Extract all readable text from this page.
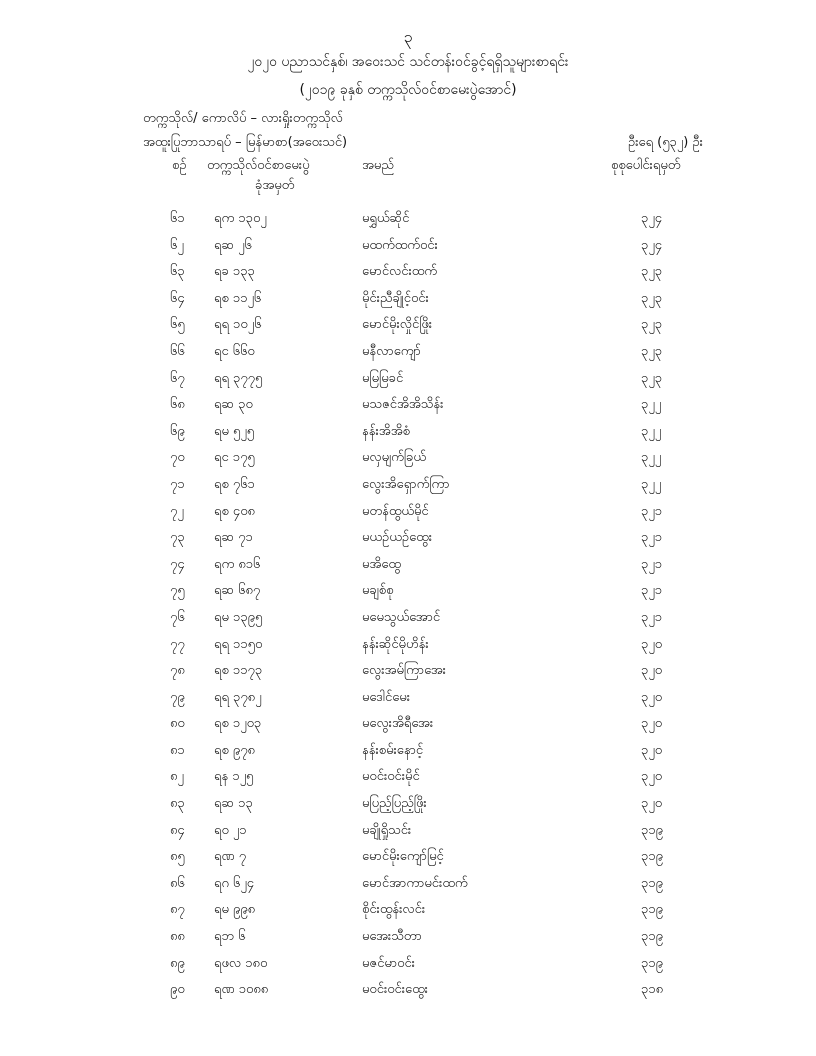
၃
၂၀၂၀ ပညာသင်နှစ်၊ အဝေးသင် သင်တန်းဝင်ခွင့်ရရှိသူများစာရင်း
(၂၀၁၉ ခုနှစ် တက္ကသိုလ်ဝင်စာမေးပွဲအောင်)
တက္ကသိုလ်/ ကောလိပ် – လားရှိုးတက္ကသိုလ်
အထူးပြုဘာသာရပ် – မြန်မာစာ(အဝေးသင်)	ဦးရေ (၅၃၂) ဦး
စဉ် တက္ကသိုလ်ဝင်စာမေးပွဲ
ခုံအမှတ်
အမည်	စုစုပေါင်းရမှတ်
၆၁ ရက ၁၃၀၂	မရွှယ်ဆိုင်	၃၂၄
၆၂ ရဆ ၂၆	မထက်ထက်ဝင်း	၃၂၄
၆၃ ရခ ၁၃၃	မောင်လင်းထက်	၃၂၃
၆၄ ရစ ၁၁၂၆	မိုင်းညီချိုင့်ဝင်း	၃၂၃
၆၅ ရရ ၁၀၂၆	မောင်မိုးလှိုင်ဖြိုး	၃၂၃
၆၆ ရင ၆၆၀	မနီလာကျော်	၃၂၃
၆၇ ရရ ၃၇၇၅	မမြမြခင်	၃၂၃
၆၈ ရဆ ၃၀	မသဇင်အိအိသိန်း	၃၂၂
၆၉ ရမ ၅၂၅	နန်းအိအိစံ	၃၂၂
၇၀ ရင ၁၇၅	မလှမျက်ခြယ်	၃၂၂
၇၁ ရစ ၇၆၁	လွေးအိရှောက်ကြာ	၃၂၂
၇၂ ရစ ၄၀၈	မတန်ထွယ်မိုင်	၃၂၁
၇၃ ရဆ ၇၁	မယဉ်ယဉ်ထွေး	၃၂၁
၇၄ ရက ၈၁၆	မအိထွေ	၃၂၁
၇၅ ရဆ ၆၈၇	မချစ်စု	၃၂၁
၇၆ ရမ ၁၃၉၅	မမေသွယ်အောင်	၃၂၁
၇၇ ရရ ၁၁၅၀	နန်းဆိုင်မိုဟိန်း	၃၂၀
၇၈ ရစ ၁၁၇၃	လွေးအမ်ကြာအေး	၃၂၀
၇၉ ရရ ၃၇၈၂	မဒေါင်မေး	၃၂၀
၈၀ ရစ ၁၂၀၃	မလွေးအိရီအေး	၃၂၀
၈၁ ရစ ၉၇၈	နန်းစမ်းနောင့်	၃၂၀
၈၂ ရန ၁၂၅	မဝင်းဝင်းမိုင်	၃၂၀
၈၃ ရဆ ၁၃	မပြည့်ပြည့်ဖြိုး	၃၂၀
၈၄ ရ၀ ၂၁	မချိုရှိုသင်း	၃၁၉
၈၅ ရဏ ၇	မောင်မိုးကျော်မြင့်	၃၁၉
၈၆ ရဂ ၆၂၄	မောင်အာကာမင်းထက်	၃၁၉
၈၇ ရမ ၉၉၈	စိုင်းထွန်းလင်း	၃၁၉
၈၈ ရဘ ၆	မအေးသီတာ	၃၁၉
၈၉ ရဖလ ၁၈၀	မဇင်မာဝင်း	၃၁၉
၉၀ ရဏ ၁၀၈၈	မဝင်းဝင်းထွေး	၃၁၈
